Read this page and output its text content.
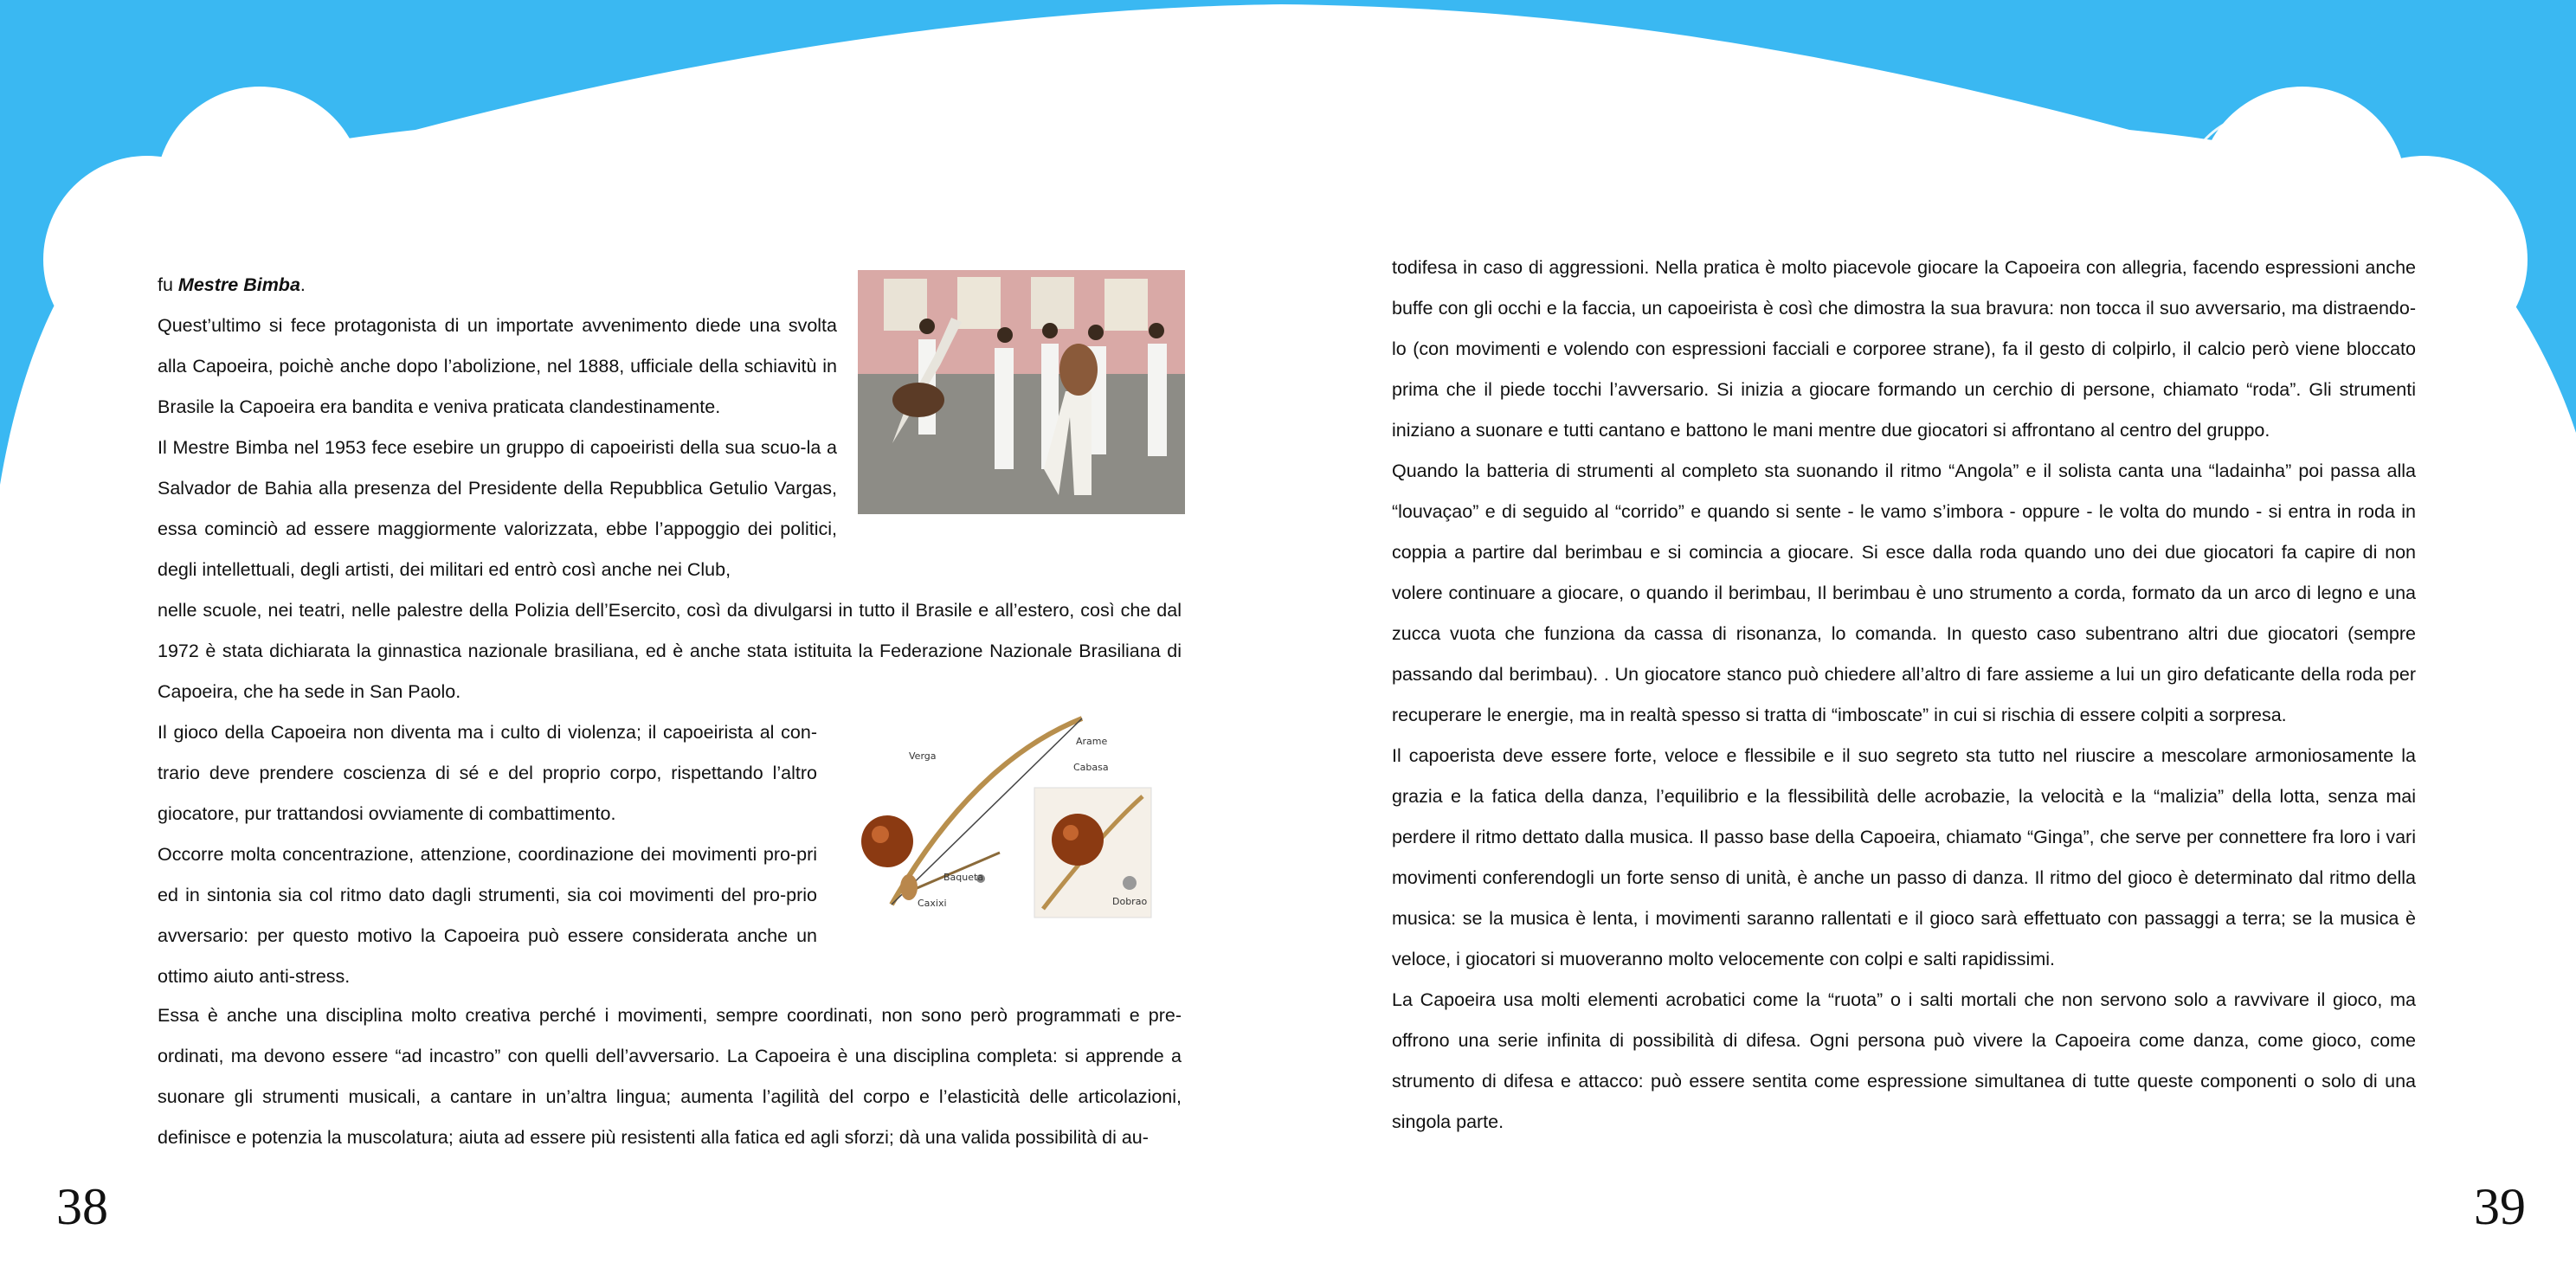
fu Mestre Bimba.

Quest’ultimo si fece protagonista di un importate avvenimento diede una svolta alla Capoeira, poichè anche dopo l’abolizione, nel 1888, ufficiale della schiavitù in Brasile la Capoeira era bandita e veniva praticata clandestinamente.

Il Mestre Bimba nel 1953 fece esebire un gruppo di capoeiristi della sua scuo-la a Salvador de Bahia alla presenza del Presidente della Repubblica Getulio Vargas, essa cominciò ad essere maggiormente valorizzata, ebbe l’appoggio dei politici, degli intellettuali, degli artisti, dei militari ed entrò così anche nei Club,

nelle scuole, nei teatri, nelle palestre della Polizia dell’Esercito, così da divulgarsi in tutto il Brasile e all’estero, così che dal 1972 è stata dichiarata la ginnastica nazionale brasiliana, ed è anche stata istituita la Federazione Nazionale Brasiliana di Capoeira, che ha sede in San Paolo.

Il gioco della Capoeira non diventa ma i culto di violenza; il capoeirista al con-trario deve prendere coscienza di sé e del proprio corpo, rispettando l’altro giocatore, pur trattandosi ovviamente di combattimento.

Occorre molta concentrazione, attenzione, coordinazione dei movimenti pro-pri ed in sintonia sia col ritmo dato dagli strumenti, sia coi movimenti del pro-prio avversario: per questo motivo la Capoeira può essere considerata anche un ottimo aiuto anti-stress.

Verga
Arame
Cabasa
Baqueta
Caxixi	Dobrao

Essa è anche una disciplina molto creativa perché i movimenti, sempre coordinati, non sono però programmati e pre-ordinati, ma devono essere “ad incastro” con quelli dell’avversario. La Capoeira è una disciplina completa: si apprende a suonare gli strumenti musicali, a cantare in un’altra lingua; aumenta l’agilità del corpo e l’elasticità delle articolazioni, definisce e potenzia la muscolatura; aiuta ad essere più resistenti alla fatica ed agli sforzi; dà una valida possibilità di au-

38

todifesa in caso di aggressioni. Nella pratica è molto piacevole giocare la Capoeira con allegria, facendo espressioni anche buffe con gli occhi e la faccia, un capoeirista è così che dimostra la sua bravura: non tocca il suo avversario, ma distraendo-lo (con movimenti e volendo con espressioni facciali e corporee strane), fa il gesto di colpirlo, il calcio però viene bloccato prima che il piede tocchi l’avversario. Si inizia a giocare formando un cerchio di persone, chiamato “roda”. Gli strumenti iniziano a suonare e tutti cantano e battono le mani mentre due giocatori si affrontano al centro del gruppo.

Quando la batteria di strumenti al completo sta suonando il ritmo “Angola” e il solista canta una “ladainha” poi passa alla “louvaçao” e di seguido al “corrido” e quando si sente - le vamo s’imbora - oppure - le volta do mundo - si entra in roda in coppia a partire dal berimbau e si comincia a giocare. Si esce dalla roda quando uno dei due giocatori fa capire di non volere continuare a giocare, o quando il berimbau, Il berimbau è uno strumento a corda, formato da un arco di legno e una zucca vuota che funziona da cassa di risonanza, lo comanda. In questo caso subentrano altri due giocatori (sempre passando dal berimbau). . Un giocatore stanco può chiedere all’altro di fare assieme a lui un giro defaticante della roda per recuperare le energie, ma in realtà spesso si tratta di “imboscate” in cui si rischia di essere colpiti a sorpresa.

Il capoerista deve essere forte, veloce e flessibile e il suo segreto sta tutto nel riuscire a mescolare armoniosamente la grazia e la fatica della danza, l’equilibrio e la flessibilità delle acrobazie, la velocità e la “malizia” della lotta, senza mai perdere il ritmo dettato dalla musica. Il passo base della Capoeira, chiamato “Ginga”, che serve per connettere fra loro i vari movimenti conferendogli un forte senso di unità, è anche un passo di danza. Il ritmo del gioco è determinato dal ritmo della musica: se la musica è lenta, i movimenti saranno rallentati e il gioco sarà effettuato con passaggi a terra; se la musica è veloce, i giocatori si muoveranno molto velocemente con colpi e salti rapidissimi.

La Capoeira usa molti elementi acrobatici come la “ruota” o i salti mortali che non servono solo a ravvivare il gioco, ma offrono una serie infinita di possibilità di difesa. Ogni persona può vivere la Capoeira come danza, come gioco, come strumento di difesa e attacco: può essere sentita come espressione simultanea di tutte queste componenti o solo di una singola parte.

39
